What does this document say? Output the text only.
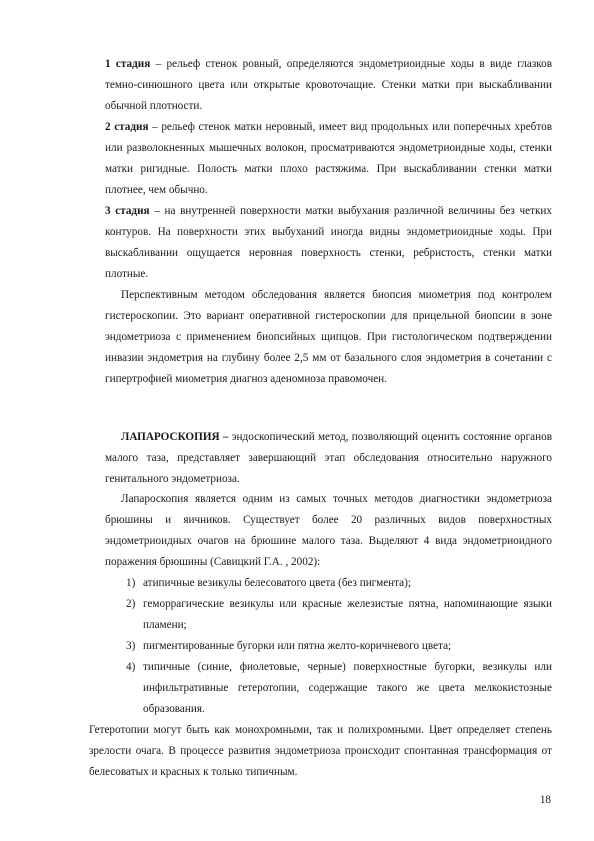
1 стадия – рельеф стенок ровный, определяются эндометриоидные ходы в виде глазков темно-синюшного цвета или открытые кровоточащие. Стенки матки при выскабливании обычной плотности.

2 стадия – рельеф стенок матки неровный, имеет вид продольных или поперечных хребтов или разволокненных мышечных волокон, просматриваются эндометриоидные ходы, стенки матки ригидные. Полость матки плохо растяжима. При выскабливании стенки матки плотнее, чем обычно.

3 стадия – на внутренней поверхности матки выбухания различной величины без четких контуров. На поверхности этих выбуханий иногда видны эндометриоидные ходы. При выскабливании ощущается неровная поверхность стенки, ребристость, стенки матки плотные.

Перспективным методом обследования является биопсия миометрия под контролем гистероскопии. Это вариант оперативной гистероскопии для прицельной биопсии в зоне эндометриоза с применением биопсийных щипцов. При гистологическом подтверждении инвазии эндометрия на глубину более 2,5 мм от базального слоя эндометрия в сочетании с гипертрофией миометрия диагноз аденомиоза правомочен.

ЛАПАРОСКОПИЯ – эндоскопический метод, позволяющий оценить состояние органов малого таза, представляет завершающий этап обследования относительно наружного генитального эндометриоза.

Лапароскопия является одним из самых точных методов диагностики эндометриоза брюшины и яичников. Существует более 20 различных видов поверхностных эндометриоидных очагов на брюшине малого таза. Выделяют 4 вида эндометриоидного поражения брюшины (Савицкий Г.А. , 2002):

1) атипичные везикулы белесоватого цвета (без пигмента);
2) геморрагические везикулы или красные железистые пятна, напоминающие языки пламени;
3) пигментированные бугорки или пятна желто-коричневого цвета;
4) типичные (синие, фиолетовые, черные) поверхностные бугорки, везикулы или инфильтративные гетеротопии, содержащие такого же цвета мелкокистозные образования.

Гетеротопии могут быть как монохромными, так и полихромными. Цвет определяет степень зрелости очага. В процессе развития эндометриоза происходит спонтанная трансформация от белесоватых и красных к только типичным.

18
